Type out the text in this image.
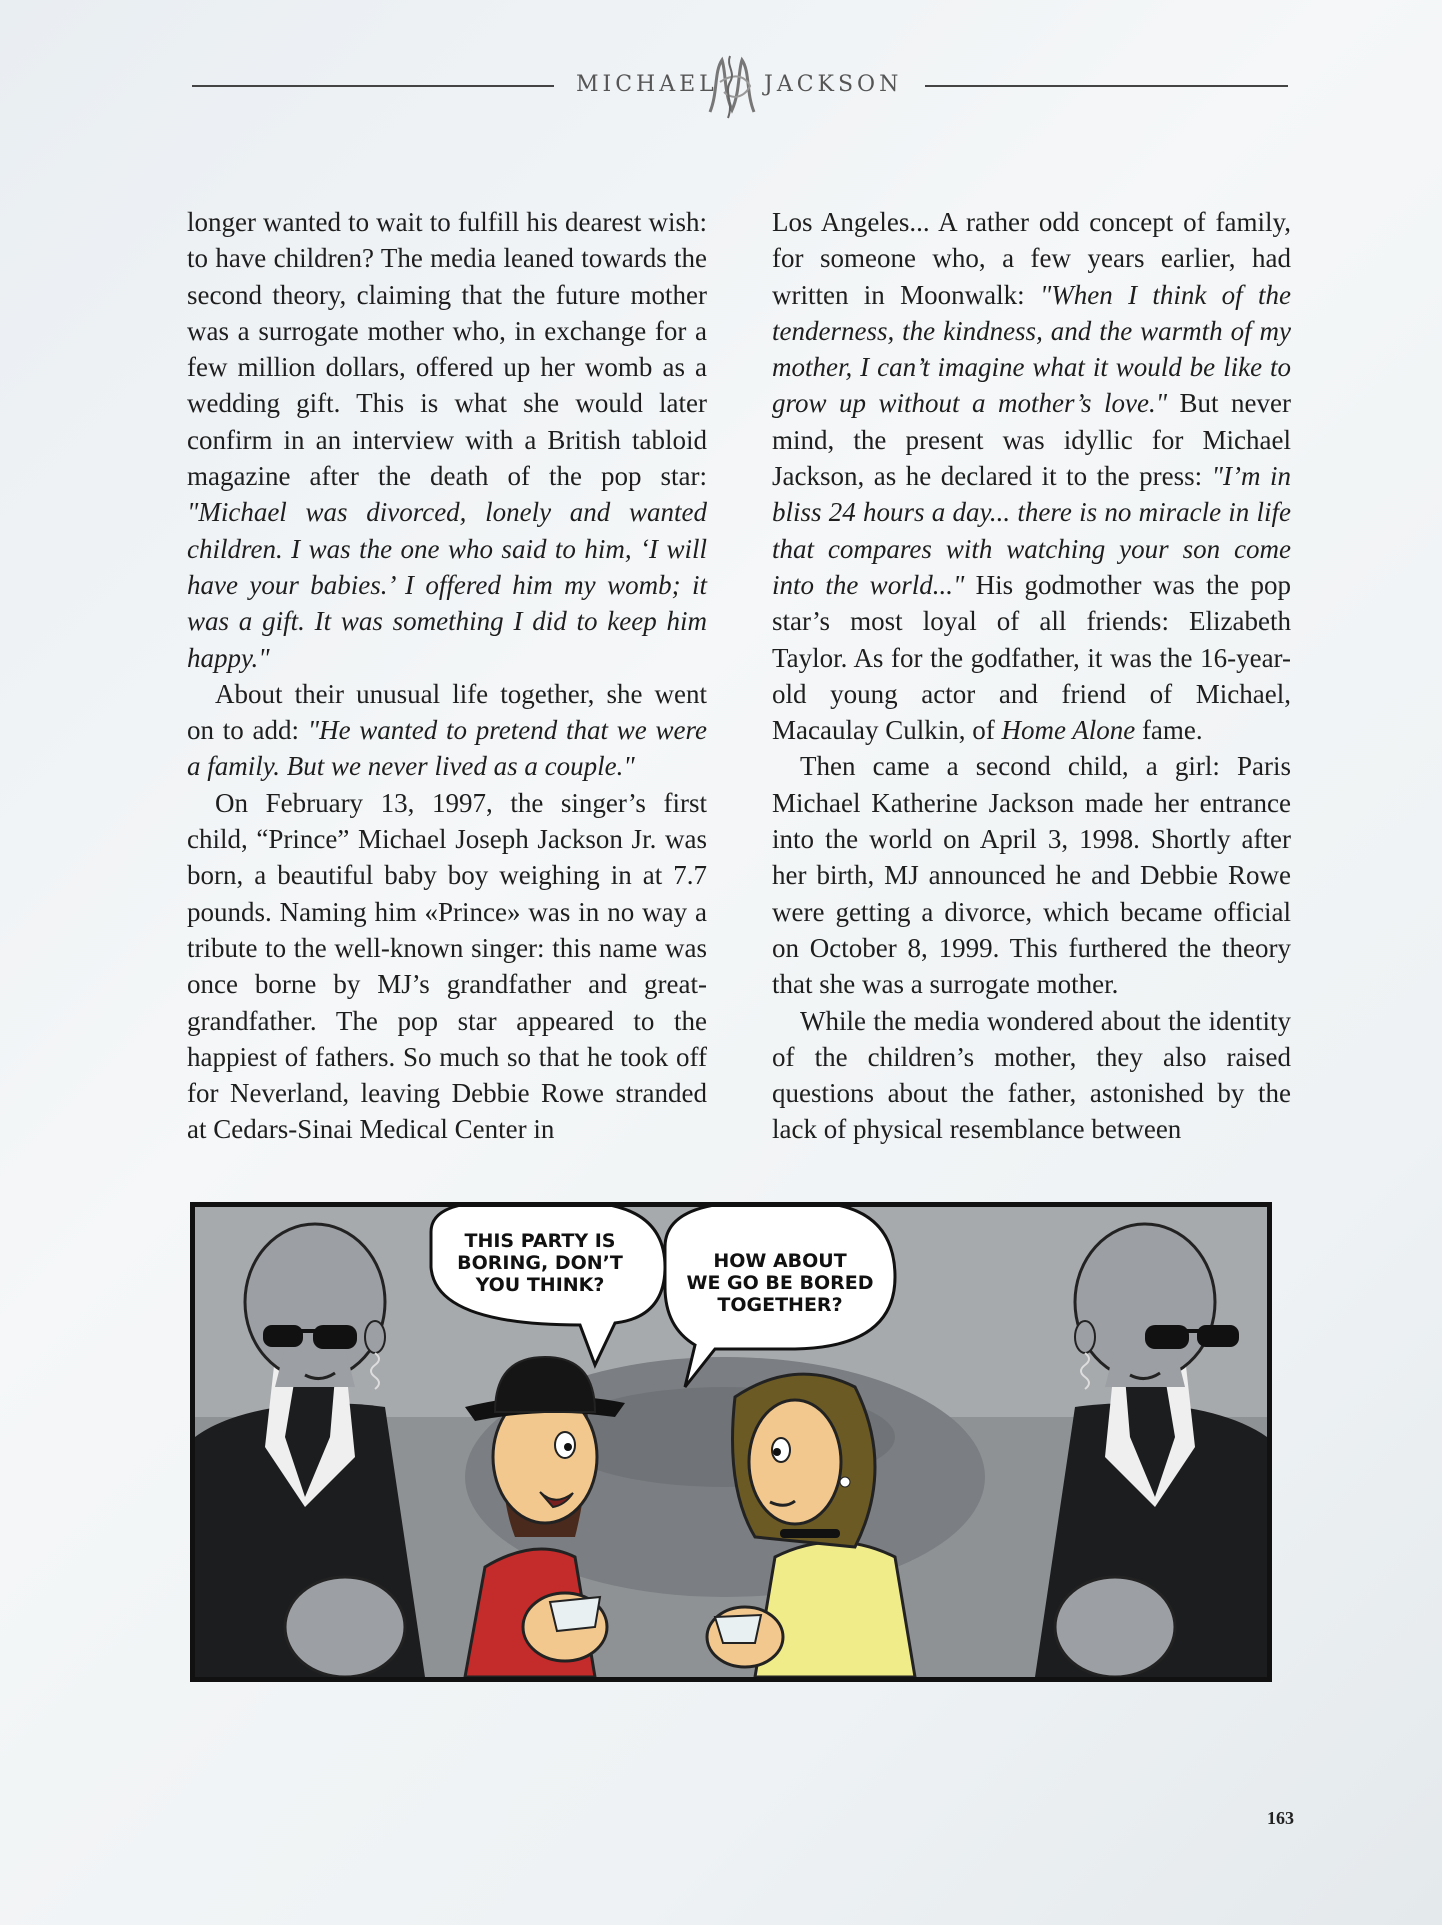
MICHAEL JACKSON

longer wanted to wait to fulfill his dearest wish: to have children? The media leaned towards the second theory, claiming that the future mother was a surrogate mother who, in exchange for a few million dollars, offered up her womb as a wedding gift. This is what she would later confirm in an interview with a British tabloid magazine after the death of the pop star: "Michael was divorced, lonely and wanted children. I was the one who said to him, ‘I will have your babies.’ I offered him my womb; it was a gift. It was something I did to keep him happy."

About their unusual life together, she went on to add: "He wanted to pretend that we were a family. But we never lived as a couple."

On February 13, 1997, the singer’s first child, “Prince” Michael Joseph Jackson Jr. was born, a beautiful baby boy weighing in at 7.7 pounds. Naming him «Prince» was in no way a tribute to the well-known singer: this name was once borne by MJ’s grandfather and great-grandfather. The pop star appeared to the happiest of fathers. So much so that he took off for Neverland, leaving Debbie Rowe stranded at Cedars-Sinai Medical Center in

Los Angeles... A rather odd concept of family, for someone who, a few years earlier, had written in Moonwalk: "When I think of the tenderness, the kindness, and the warmth of my mother, I can’t imagine what it would be like to grow up without a mother’s love." But never mind, the present was idyllic for Michael Jackson, as he declared it to the press: "I’m in bliss 24 hours a day... there is no miracle in life that compares with watching your son come into the world..." His godmother was the pop star’s most loyal of all friends: Elizabeth Taylor. As for the godfather, it was the 16-year-old young actor and friend of Michael, Macaulay Culkin, of Home Alone fame.

Then came a second child, a girl: Paris Michael Katherine Jackson made her entrance into the world on April 3, 1998. Shortly after her birth, MJ announced he and Debbie Rowe were getting a divorce, which became official on October 8, 1999. This furthered the theory that she was a surrogate mother.

While the media wondered about the identity of the children’s mother, they also raised questions about the father, astonished by the lack of physical resemblance between

THIS PARTY IS
BORING, DON’T
YOU THINK?
HOW ABOUT
WE GO BE BORED
TOGETHER?
163
